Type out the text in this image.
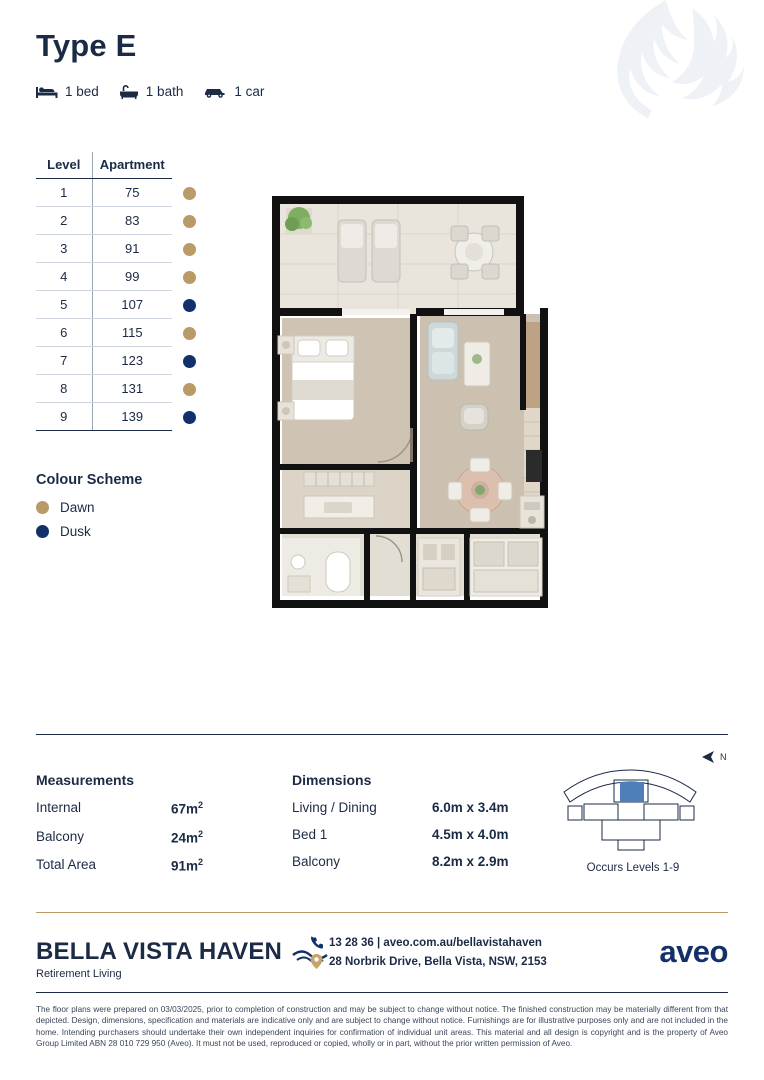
Type E
1 bed	1 bath	1 car
Level	Apartment	
1	75	
2	83	
3	91	
4	99	
5	107	
6	115	
7	123	
8	131	
9	139	
Colour Scheme
Dawn
Dusk
Measurements
Internal	$67m^2$
Balcony	$24m^2$
Total Area	$91m^2$
Dimensions
Living / Dining	6.0m x 3.4m
Bed 1	4.5m x 4.0m
Balcony	8.2m x 2.9m
N
Occurs Levels 1-9
BELLA VISTA HAVEN
Retirement Living
13 28 36 | aveo.com.au/bellavistahaven
28 Norbrik Drive, Bella Vista, NSW, 2153	aveo
The floor plans were prepared on 03/03/2025, prior to completion of construction and may be subject to change without notice. The finished construction may be materially different from that depicted. Design, dimensions, specification and materials are indicative only and are subject to change without notice. Furnishings are for illustrative purposes only and are not included in the home. Intending purchasers should undertake their own independent inquiries for confirmation of individual unit areas. This material and all design is copyright and is the property of Aveo Group Limited ABN 28 010 729 950 (Aveo). It must not be used, reproduced or copied, wholly or in part, without the prior written permission of Aveo.
